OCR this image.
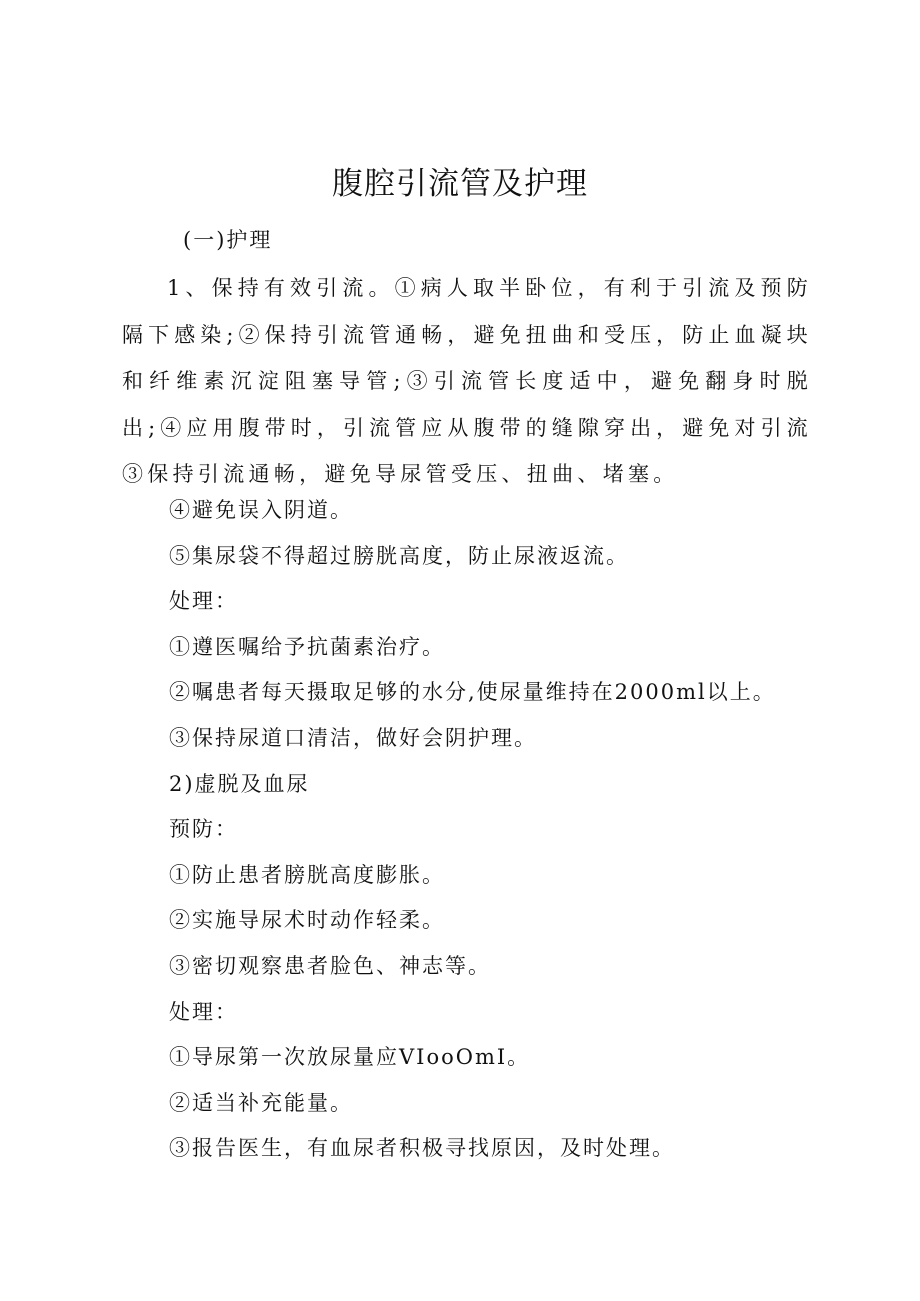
腹腔引流管及护理
(一)护理
1、保持有效引流。①病人取半卧位，有利于引流及预防隔下感染;②保持引流管通畅，避免扭曲和受压，防止血凝块和纤维素沉淀阻塞导管;③引流管长度适中，避免翻身时脱出;④应用腹带时，引流管应从腹带的缝隙穿出，避免对引流③保持引流通畅，避免导尿管受压、扭曲、堵塞。
④避免误入阴道。
⑤集尿袋不得超过膀胱高度，防止尿液返流。
处理：
①遵医嘱给予抗菌素治疗。
②嘱患者每天摄取足够的水分,使尿量维持在2000ml以上。
③保持尿道口清洁，做好会阴护理。
2)虚脱及血尿
预防：
①防止患者膀胱高度膨胀。
②实施导尿术时动作轻柔。
③密切观察患者脸色、神志等。
处理：
①导尿第一次放尿量应VIooOmI。
②适当补充能量。
③报告医生，有血尿者积极寻找原因，及时处理。
